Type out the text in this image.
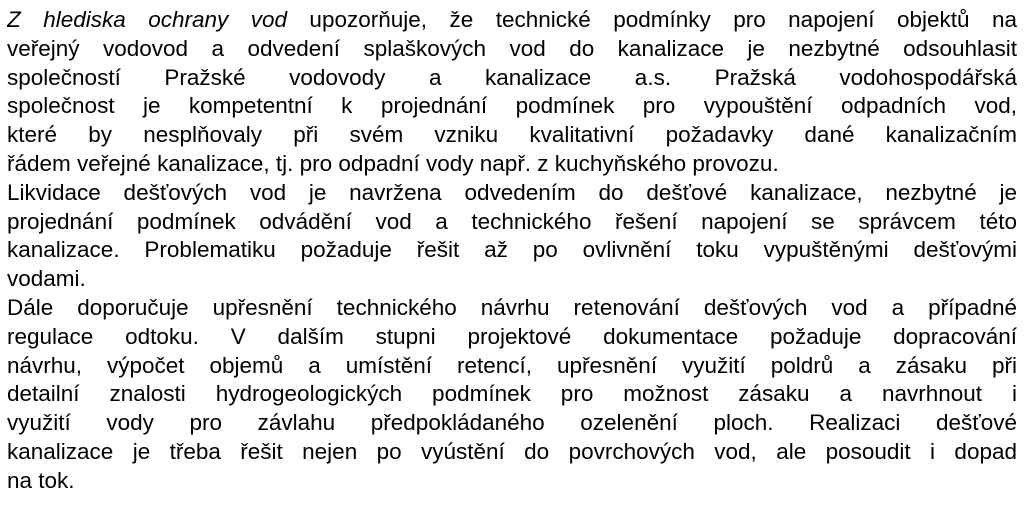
Z hlediska ochrany vod upozorňuje, že technické podmínky pro napojení objektů na
veřejný vodovod a odvedení splaškových vod do kanalizace je nezbytné odsouhlasit
společností Pražské vodovody a kanalizace a.s. Pražská vodohospodářská
společnost je kompetentní k projednání podmínek pro vypouštění odpadních vod,
které by nesplňovaly při svém vzniku kvalitativní požadavky dané kanalizačním
řádem veřejné kanalizace, tj. pro odpadní vody např. z kuchyňského provozu.
Likvidace dešťových vod je navržena odvedením do dešťové kanalizace, nezbytné je
projednání podmínek odvádění vod a technického řešení napojení se správcem této
kanalizace. Problematiku požaduje řešit až po ovlivnění toku vypuštěnými dešťovými
vodami.
Dále doporučuje upřesnění technického návrhu retenování dešťových vod a případné
regulace odtoku. V dalším stupni projektové dokumentace požaduje dopracování
návrhu, výpočet objemů a umístění retencí, upřesnění využití poldrů a zásaku při
detailní znalosti hydrogeologických podmínek pro možnost zásaku a navrhnout i
využití vody pro závlahu předpokládaného ozelenění ploch. Realizaci dešťové
kanalizace je třeba řešit nejen po vyústění do povrchových vod, ale posoudit i dopad
na tok.
